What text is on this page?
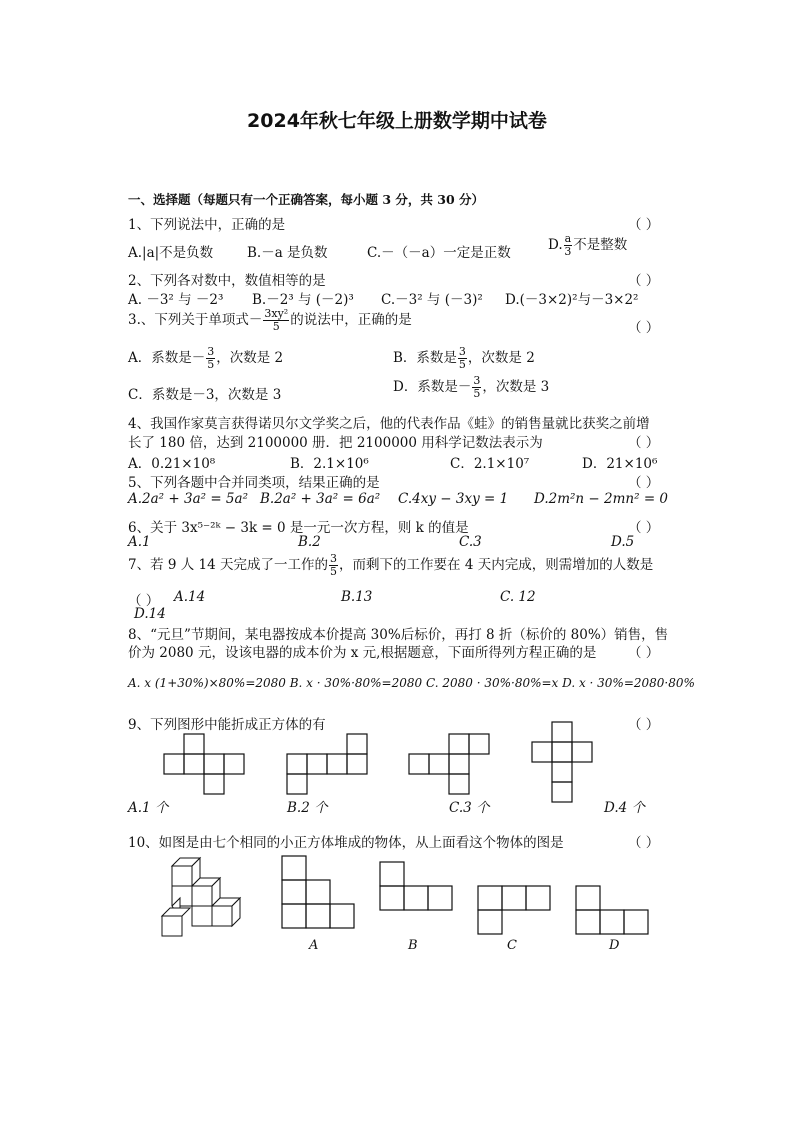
2024年秋七年级上册数学期中试卷
一、选择题（每题只有一个正确答案，每小题 3 分，共 30 分）
1、下列说法中，正确的是	（ ）
A.|a|不是负数	B.－a 是负数	C.－（－a）一定是正数	D. $\frac{a}{3}$ 不是整数
2、下列各对数中，数值相等的是	（ ）
A. －3² 与 －2³ B.－2³ 与 (－2)³ C.－3² 与 (－3)² D.(－3×2)²与－3×2²
3.、下列关于单项式－ $\frac{\text{3xy²}}{5}$ 的说法中，正确的是	（ ）
A．系数是－ $\frac{3}{5}$ ，次数是 2	B．系数是 $\frac{3}{5}$ ，次数是 2
C．系数是－3，次数是 3	D．系数是－ $\frac{3}{5}$ ，次数是 3
4、我国作家莫言获得诺贝尔文学奖之后，他的代表作品《蛙》的销售量就比获奖之前增
长了 180 倍，达到 2100000 册．把 2100000 用科学记数法表示为	（ ）
A．0.21×10⁸	B．2.1×10⁶	C．2.1×10⁷	D．21×10⁶
5、下列各题中合并同类项，结果正确的是	（ ）
A.2a² + 3a² = 5a² B.2a² + 3a² = 6a² C.4xy − 3xy = 1 D.2m²n − 2mn² = 0
6、关于 3x⁵⁻²ᵏ − 3k = 0 是一元一次方程，则 k 的值是	（ ）
A.1	B.2	C.3	D.5
7、若 9 人 14 天完成了一工作的 $\frac{3}{5}$ ，而剩下的工作要在 4 天内完成，则需增加的人数是
（ ） A.14	B.13	C. 12
D.14
8、“元旦”节期间，某电器按成本价提高 30%后标价，再打 8 折（标价的 80%）销售，售
价为 2080 元，设该电器的成本价为 x 元,根据题意，下面所得列方程正确的是 （ ）
A. x (1+30%)×80%=2080 B. x · 30%·80%=2080 C. 2080 · 30%·80%=x D. x · 30%=2080·80%
9、下列图形中能折成正方体的有	（ ）
A.1 个	B.2 个	C.3 个	D.4 个
10、如图是由七个相同的小正方体堆成的物体，从上面看这个物体的图是	（ ）
A	B	C	D
